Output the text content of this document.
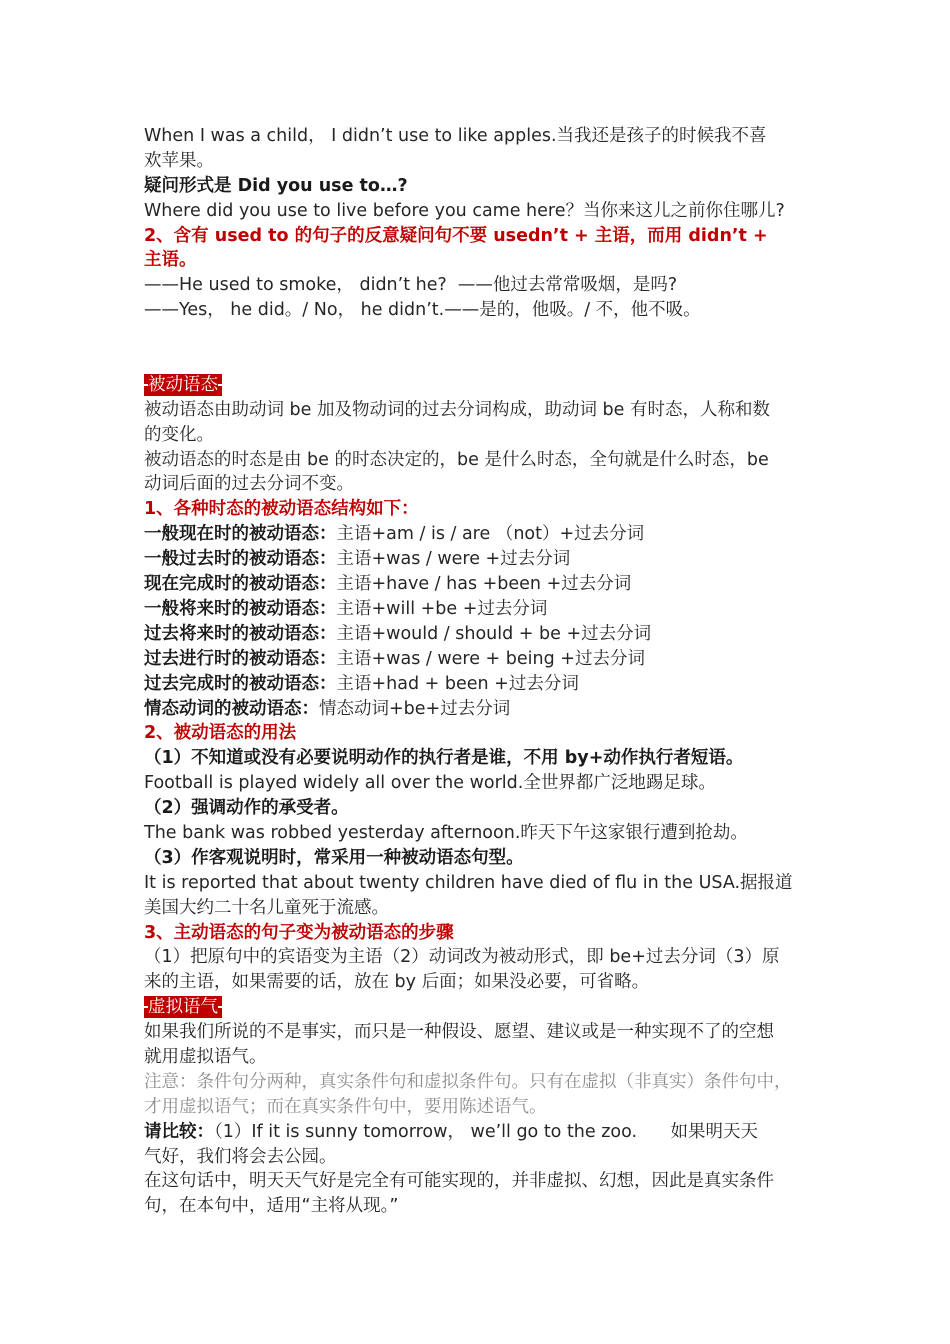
When I was a child， I didn’t use to like apples.当我还是孩子的时候我不喜
欢苹果。
疑问形式是 Did you use to…?
Where did you use to live before you came here？当你来这儿之前你住哪儿?
2、含有 used to 的句子的反意疑问句不要 usedn’t + 主语，而用 didn’t +
主语。
——He used to smoke， didn’t he?  ——他过去常常吸烟，是吗?
——Yes， he did。/ No， he didn’t.——是的，他吸。/ 不，他不吸。
被动语态
被动语态由助动词 be 加及物动词的过去分词构成，助动词 be 有时态，人称和数
的变化。
被动语态的时态是由 be 的时态决定的，be 是什么时态，全句就是什么时态，be
动词后面的过去分词不变。
1、各种时态的被动语态结构如下：
一般现在时的被动语态：主语+am / is / are （not）+过去分词
一般过去时的被动语态：主语+was / were +过去分词
现在完成时的被动语态：主语+have / has +been +过去分词
一般将来时的被动语态：主语+will +be +过去分词
过去将来时的被动语态：主语+would / should + be +过去分词
过去进行时的被动语态：主语+was / were + being +过去分词
过去完成时的被动语态：主语+had + been +过去分词
情态动词的被动语态：情态动词+be+过去分词
2、被动语态的用法
（1）不知道或没有必要说明动作的执行者是谁，不用 by+动作执行者短语。
Football is played widely all over the world.全世界都广泛地踢足球。
（2）强调动作的承受者。
The bank was robbed yesterday afternoon.昨天下午这家银行遭到抢劫。
（3）作客观说明时，常采用一种被动语态句型。
It is reported that about twenty children have died of flu in the USA.据报道
美国大约二十名儿童死于流感。
3、主动语态的句子变为被动语态的步骤
（1）把原句中的宾语变为主语（2）动词改为被动形式，即 be+过去分词（3）原
来的主语，如果需要的话，放在 by 后面；如果没必要，可省略。
虚拟语气
如果我们所说的不是事实，而只是一种假设、愿望、建议或是一种实现不了的空想
就用虚拟语气。
注意：条件句分两种，真实条件句和虚拟条件句。只有在虚拟（非真实）条件句中，
才用虚拟语气；而在真实条件句中，要用陈述语气。
请比较：（1）If it is sunny tomorrow， we’ll go to the zoo.      如果明天天
气好，我们将会去公园。
在这句话中，明天天气好是完全有可能实现的，并非虚拟、幻想，因此是真实条件
句，在本句中，适用“主将从现。”
